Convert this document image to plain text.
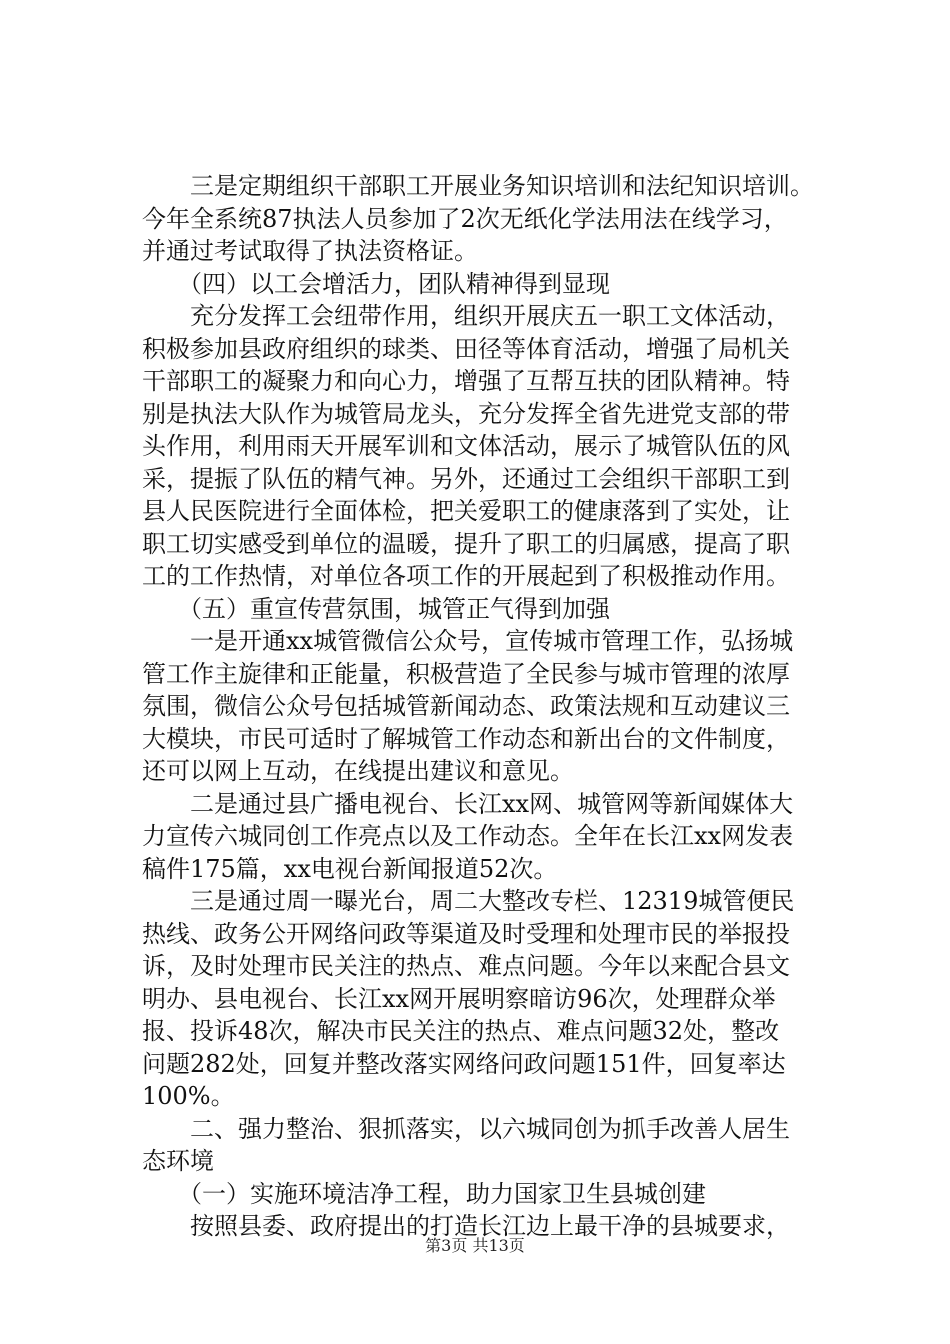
三是定期组织干部职工开展业务知识培训和法纪知识培训。
今年全系统87执法人员参加了2次无纸化学法用法在线学习，
并通过考试取得了执法资格证。
（四）以工会增活力，团队精神得到显现
充分发挥工会纽带作用，组织开展庆五一职工文体活动，
积极参加县政府组织的球类、田径等体育活动，增强了局机关
干部职工的凝聚力和向心力，增强了互帮互扶的团队精神。特
别是执法大队作为城管局龙头，充分发挥全省先进党支部的带
头作用，利用雨天开展军训和文体活动，展示了城管队伍的风
采，提振了队伍的精气神。另外，还通过工会组织干部职工到
县人民医院进行全面体检，把关爱职工的健康落到了实处，让
职工切实感受到单位的温暖，提升了职工的归属感，提高了职
工的工作热情，对单位各项工作的开展起到了积极推动作用。
（五）重宣传营氛围，城管正气得到加强
一是开通xx城管微信公众号，宣传城市管理工作，弘扬城
管工作主旋律和正能量，积极营造了全民参与城市管理的浓厚
氛围，微信公众号包括城管新闻动态、政策法规和互动建议三
大模块，市民可适时了解城管工作动态和新出台的文件制度，
还可以网上互动，在线提出建议和意见。
二是通过县广播电视台、长江xx网、城管网等新闻媒体大
力宣传六城同创工作亮点以及工作动态。全年在长江xx网发表
稿件175篇，xx电视台新闻报道52次。
三是通过周一曝光台，周二大整改专栏、12319城管便民
热线、政务公开网络问政等渠道及时受理和处理市民的举报投
诉，及时处理市民关注的热点、难点问题。今年以来配合县文
明办、县电视台、长江xx网开展明察暗访96次，处理群众举
报、投诉48次，解决市民关注的热点、难点问题32处，整改
问题282处，回复并整改落实网络问政问题151件，回复率达
100%。
二、强力整治、狠抓落实，以六城同创为抓手改善人居生
态环境
（一）实施环境洁净工程，助力国家卫生县城创建
按照县委、政府提出的打造长江边上最干净的县城要求，
第3页 共13页
